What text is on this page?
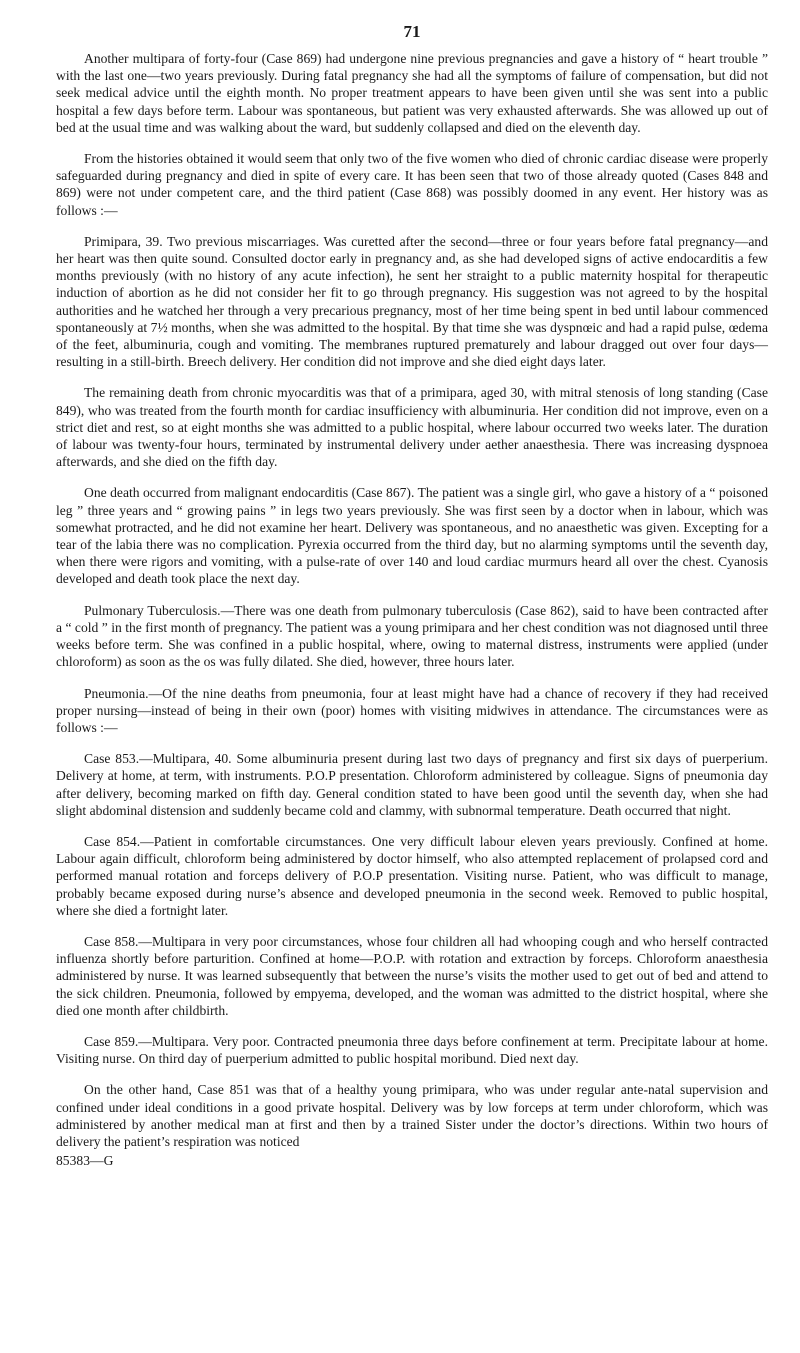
71

Another multipara of forty-four (Case 869) had undergone nine previous pregnancies and gave a history of “ heart trouble ” with the last one—two years previously. During fatal pregnancy she had all the symptoms of failure of compensation, but did not seek medical advice until the eighth month. No proper treatment appears to have been given until she was sent into a public hospital a few days before term. Labour was spontaneous, but patient was very exhausted afterwards. She was allowed up out of bed at the usual time and was walking about the ward, but suddenly collapsed and died on the eleventh day.

From the histories obtained it would seem that only two of the five women who died of chronic cardiac disease were properly safeguarded during pregnancy and died in spite of every care. It has been seen that two of those already quoted (Cases 848 and 869) were not under competent care, and the third patient (Case 868) was possibly doomed in any event. Her history was as follows :—

Primipara, 39. Two previous miscarriages. Was curetted after the second—three or four years before fatal pregnancy—and her heart was then quite sound. Consulted doctor early in pregnancy and, as she had developed signs of active endocarditis a few months previously (with no history of any acute infection), he sent her straight to a public maternity hospital for therapeutic induction of abortion as he did not consider her fit to go through pregnancy. His suggestion was not agreed to by the hospital authorities and he watched her through a very precarious pregnancy, most of her time being spent in bed until labour commenced spontaneously at 7½ months, when she was admitted to the hospital. By that time she was dyspnœic and had a rapid pulse, œdema of the feet, albuminuria, cough and vomiting. The membranes ruptured prematurely and labour dragged out over four days— resulting in a still-birth. Breech delivery. Her condition did not improve and she died eight days later.

The remaining death from chronic myocarditis was that of a primipara, aged 30, with mitral stenosis of long standing (Case 849), who was treated from the fourth month for cardiac insufficiency with albuminuria. Her condition did not improve, even on a strict diet and rest, so at eight months she was admitted to a public hospital, where labour occurred two weeks later. The duration of labour was twenty-four hours, terminated by instrumental delivery under aether anaesthesia. There was increasing dyspnoea afterwards, and she died on the fifth day.

One death occurred from malignant endocarditis (Case 867). The patient was a single girl, who gave a history of a “ poisoned leg ” three years and “ growing pains ” in legs two years previously. She was first seen by a doctor when in labour, which was somewhat protracted, and he did not examine her heart. Delivery was spontaneous, and no anaesthetic was given. Excepting for a tear of the labia there was no complication. Pyrexia occurred from the third day, but no alarming symptoms until the seventh day, when there were rigors and vomiting, with a pulse-rate of over 140 and loud cardiac murmurs heard all over the chest. Cyanosis developed and death took place the next day.

Pulmonary Tuberculosis.—There was one death from pulmonary tuberculosis (Case 862), said to have been contracted after a “ cold ” in the first month of pregnancy. The patient was a young primipara and her chest condition was not diagnosed until three weeks before term. She was confined in a public hospital, where, owing to maternal distress, instruments were applied (under chloroform) as soon as the os was fully dilated. She died, however, three hours later.

Pneumonia.—Of the nine deaths from pneumonia, four at least might have had a chance of recovery if they had received proper nursing—instead of being in their own (poor) homes with visiting midwives in attendance. The circumstances were as follows :—

Case 853.—Multipara, 40. Some albuminuria present during last two days of pregnancy and first six days of puerperium. Delivery at home, at term, with instruments. P.O.P presentation. Chloroform administered by colleague. Signs of pneumonia day after delivery, becoming marked on fifth day. General condition stated to have been good until the seventh day, when she had slight abdominal distension and suddenly became cold and clammy, with subnormal temperature. Death occurred that night.

Case 854.—Patient in comfortable circumstances. One very difficult labour eleven years previously. Confined at home. Labour again difficult, chloroform being administered by doctor himself, who also attempted replacement of prolapsed cord and performed manual rotation and forceps delivery of P.O.P presentation. Visiting nurse. Patient, who was difficult to manage, probably became exposed during nurse’s absence and developed pneumonia in the second week. Removed to public hospital, where she died a fortnight later.

Case 858.—Multipara in very poor circumstances, whose four children all had whooping cough and who herself contracted influenza shortly before parturition. Confined at home—P.O.P. with rotation and extraction by forceps. Chloroform anaesthesia administered by nurse. It was learned subsequently that between the nurse’s visits the mother used to get out of bed and attend to the sick children. Pneumonia, followed by empyema, developed, and the woman was admitted to the district hospital, where she died one month after childbirth.

Case 859.—Multipara. Very poor. Contracted pneumonia three days before confinement at term. Precipitate labour at home. Visiting nurse. On third day of puerperium admitted to public hospital moribund. Died next day.

On the other hand, Case 851 was that of a healthy young primipara, who was under regular ante-natal supervision and confined under ideal conditions in a good private hospital. Delivery was by low forceps at term under chloroform, which was administered by another medical man at first and then by a trained Sister under the doctor’s directions. Within two hours of delivery the patient’s respiration was noticed

85383—G
